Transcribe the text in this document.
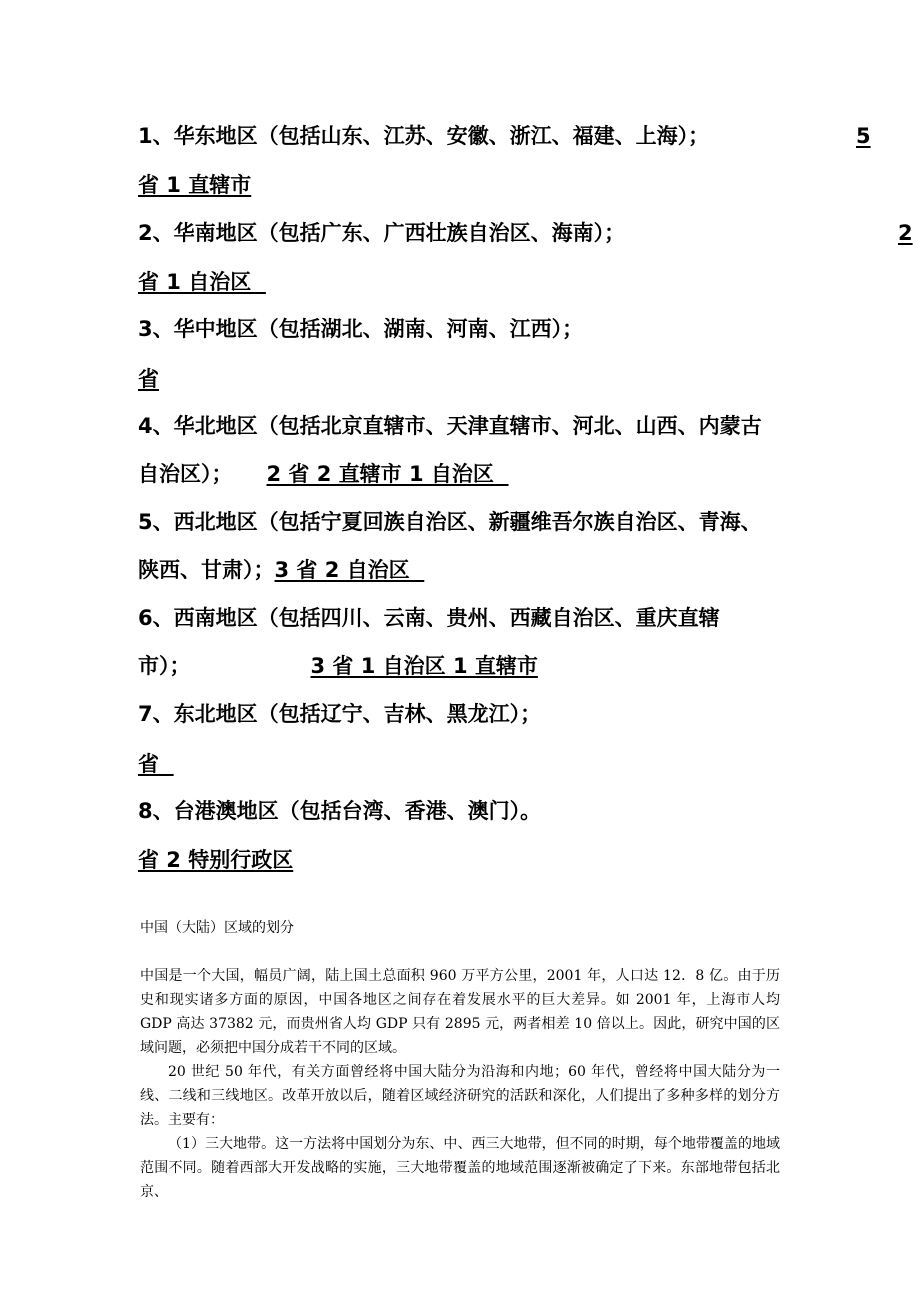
1、华东地区（包括山东、江苏、安徽、浙江、福建、上海）；	5
省 1 直辖市
2、华南地区（包括广东、广西壮族自治区、海南）；	2
省 1 自治区
3、华中地区（包括湖北、湖南、河南、江西）；
省
4、华北地区（包括北京直辖市、天津直辖市、河北、山西、内蒙古
自治区）； 2 省 2 直辖市 1 自治区
5、西北地区（包括宁夏回族自治区、新疆维吾尔族自治区、青海、
陕西、甘肃）；3 省 2 自治区
6、西南地区（包括四川、云南、贵州、西藏自治区、重庆直辖
市）；	3 省 1 自治区 1 直辖市
7、东北地区（包括辽宁、吉林、黑龙江）；
省
8、台港澳地区（包括台湾、香港、澳门）。
省 2 特别行政区
中国（大陆）区域的划分
中国是一个大国，幅员广阔，陆上国土总面积 960 万平方公里，2001 年，人口达 12．8 亿。由于历史和现实诸多方面的原因，中国各地区之间存在着发展水平的巨大差异。如 2001 年，上海市人均 GDP 高达 37382 元，而贵州省人均 GDP 只有 2895 元，两者相差 10 倍以上。因此，研究中国的区域问题，必须把中国分成若干不同的区域。
20 世纪 50 年代，有关方面曾经将中国大陆分为沿海和内地；60 年代，曾经将中国大陆分为一线、二线和三线地区。改革开放以后，随着区域经济研究的活跃和深化，人们提出了多种多样的划分方法。主要有：
（1）三大地带。这一方法将中国划分为东、中、西三大地带，但不同的时期，每个地带覆盖的地域范围不同。随着西部大开发战略的实施，三大地带覆盖的地域范围逐渐被确定了下来。东部地带包括北京、
